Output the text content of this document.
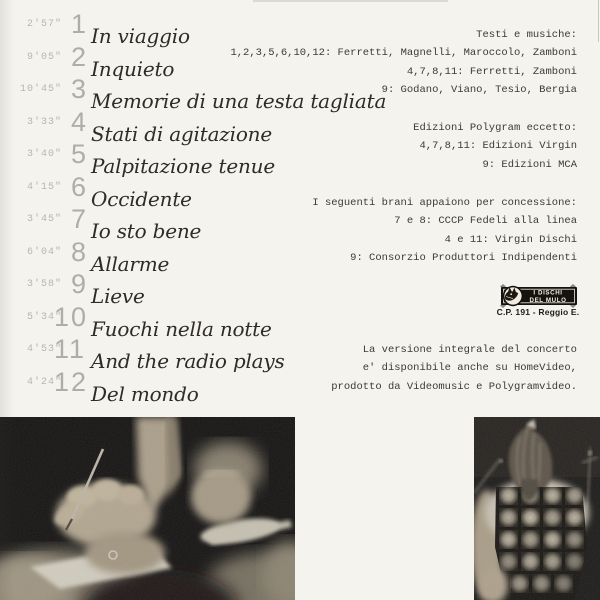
2'57" 1 In viaggio
9'05" 2 Inquieto
10'45" 3 Memorie di una testa tagliata
3'33" 4 Stati di agitazione
3'40" 5 Palpitazione tenue
4'15" 6 Occidente
3'45" 7 Io sto bene
6'04" 8 Allarme
3'58" 9 Lieve
5'34"
10 Fuochi nella notte
4'53"
11 And the radio plays
4'24"
12 Del mondo
Testi e musiche:
1,2,3,5,6,10,12: Ferretti, Magnelli, Maroccolo, Zamboni
4,7,8,11: Ferretti, Zamboni
9: Godano, Viano, Tesio, Bergia
Edizioni Polygram eccetto:
4,7,8,11: Edizioni Virgin
9: Edizioni MCA
I seguenti brani appaiono per concessione:
7 e 8: CCCP Fedeli alla linea
4 e 11: Virgin Dischi
9: Consorzio Produttori Indipendenti
I DISCHI
DEL MULO
C.P. 191 - Reggio E.
La versione integrale del concerto
e' disponibile anche su HomeVideo,
prodotto da Videomusic e Polygramvideo.
